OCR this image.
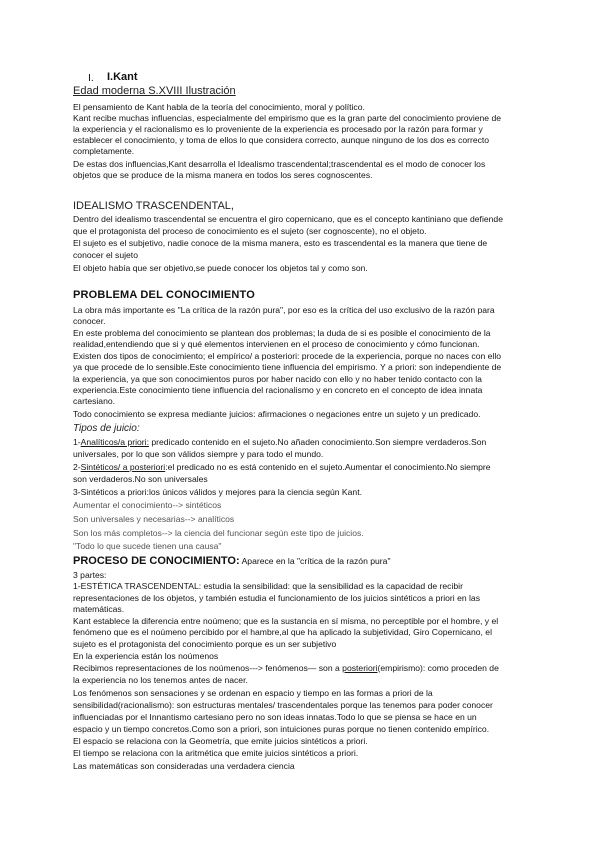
I. I.Kant
Edad moderna S.XVIII Ilustración
El pensamiento de Kant habla de la teoría del conocimiento, moral y político.
Kant recibe muchas influencias, especialmente del empirismo que es la gran parte del conocimiento proviene de
la experiencia y el racionalismo es lo proveniente de la experiencia es procesado por la razón para formar y
establecer el conocimiento, y toma de ellos lo que considera correcto, aunque ninguno de los dos es correcto
completamente.
De estas dos influencias,Kant desarrolla el Idealismo trascendental;trascendental es el modo de conocer los
objetos que se produce de la misma manera en todos los seres cognoscentes.
IDEALISMO TRASCENDENTAL,
Dentro del idealismo trascendental se encuentra el giro copernicano, que es el concepto kantiniano que defiende
que el protagonista del proceso de conocimiento es el sujeto (ser cognoscente), no el objeto.
El sujeto es el subjetivo, nadie conoce de la misma manera, esto es trascendental es la manera que tiene de
conocer el sujeto
El objeto había que ser objetivo,se puede conocer los objetos tal y como son.
PROBLEMA DEL CONOCIMIENTO
La obra más importante es "La crítica de la razón pura", por eso es la crítica del uso exclusivo de la razón para
conocer.
En este problema del conocimiento se plantean dos problemas; la duda de si es posible el conocimiento de la
realidad,entendiendo que si y qué elementos intervienen en el proceso de conocimiento y cómo funcionan.
Existen dos tipos de conocimiento; el empírico/ a posteriori: procede de la experiencia, porque no naces con ello
ya que procede de lo sensible.Este conocimiento tiene influencia del empirismo. Y a priori: son independiente de
la experiencia, ya que son conocimientos puros por haber nacido con ello y no haber tenido contacto con la
experiencia.Este conocimiento tiene influencia del racionalismo y en concreto en el concepto de idea innata
cartesiano.
Todo conocimiento se expresa mediante juicios: afirmaciones o negaciones entre un sujeto y un predicado.
Tipos de juicio:
1-Analíticos/a priori: predicado contenido en el sujeto.No añaden conocimiento.Son siempre verdaderos.Son
universales, por lo que son válidos siempre y para todo el mundo.
2-Sintéticos/ a posteriori:el predicado no es está contenido en el sujeto.Aumentar el conocimiento.No siempre
son verdaderos.No son universales
3-Sintéticos a priori:los únicos válidos y mejores para la ciencia según Kant.
Aumentar el conocimiento--> sintéticos
Son universales y necesarias--> analíticos
Son los más completos--> la ciencia del funcionar según este tipo de juicios.
"Todo lo que sucede tienen una causa"
PROCESO DE CONOCIMIENTO: Aparece en la "crítica de la razón pura"
3 partes:
1-ESTÉTICA TRASCENDENTAL: estudia la sensibilidad: que la sensibilidad es la capacidad de recibir
representaciones de los objetos, y también estudia el funcionamiento de los juicios sintéticos a priori en las
matemáticas.
Kant establece la diferencia entre noúmeno; que es la sustancia en sí misma, no perceptible por el hombre, y el
fenómeno que es el noúmeno percibido por el hambre,al que ha aplicado la subjetividad, Giro Copernicano, el
sujeto es el protagonista del conocimiento porque es un ser subjetivo
En la experiencia están los noúmenos
Recibimos representaciones de los noúmenos---> fenómenos— son a posteriori(empirismo): como proceden de
la experiencia no los tenemos antes de nacer.
Los fenómenos son sensaciones y se ordenan en espacio y tiempo en las formas a priori de la
sensibilidad(racionalismo): son estructuras mentales/ trascendentales porque las tenemos para poder conocer
influenciadas por el Innantismo cartesiano pero no son ideas innatas.Todo lo que se piensa se hace en un
espacio y un tiempo concretos.Como son a priori, son intuiciones puras porque no tienen contenido empírico.
El espacio se relaciona con la Geometría, que emite juicios sintéticos a priori.
El tiempo se relaciona con la aritmética que emite juicios sintéticos a priori.
Las matemáticas son consideradas una verdadera ciencia
